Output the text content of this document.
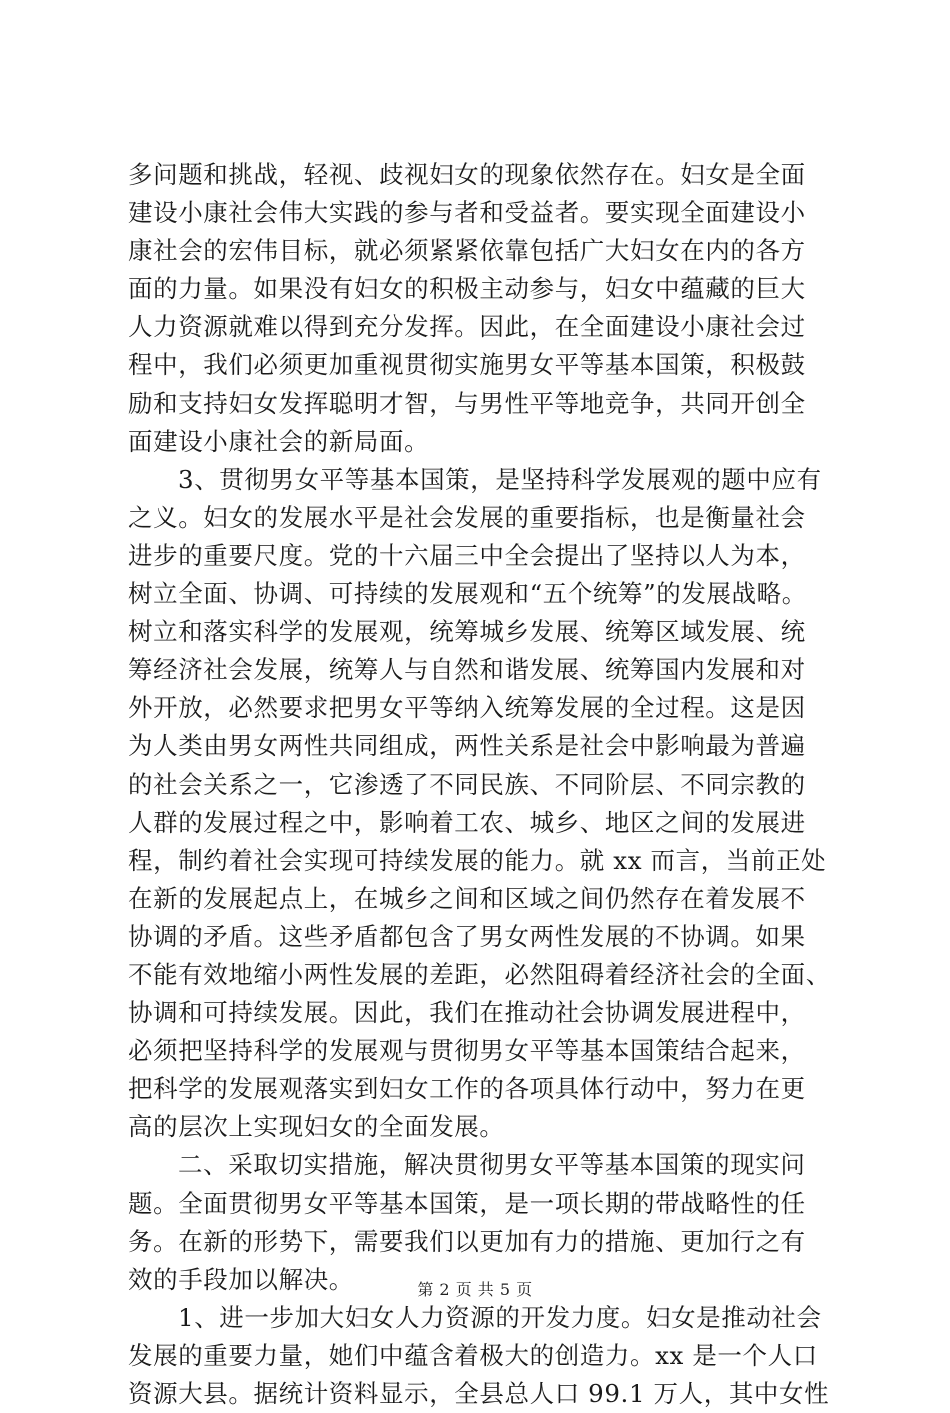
多问题和挑战，轻视、歧视妇女的现象依然存在。妇女是全面
建设小康社会伟大实践的参与者和受益者。要实现全面建设小
康社会的宏伟目标，就必须紧紧依靠包括广大妇女在内的各方
面的力量。如果没有妇女的积极主动参与，妇女中蕴藏的巨大
人力资源就难以得到充分发挥。因此，在全面建设小康社会过
程中，我们必须更加重视贯彻实施男女平等基本国策，积极鼓
励和支持妇女发挥聪明才智，与男性平等地竞争，共同开创全
面建设小康社会的新局面。
3、贯彻男女平等基本国策，是坚持科学发展观的题中应有
之义。妇女的发展水平是社会发展的重要指标，也是衡量社会
进步的重要尺度。党的十六届三中全会提出了坚持以人为本，
树立全面、协调、可持续的发展观和“五个统筹”的发展战略。
树立和落实科学的发展观，统筹城乡发展、统筹区域发展、统
筹经济社会发展，统筹人与自然和谐发展、统筹国内发展和对
外开放，必然要求把男女平等纳入统筹发展的全过程。这是因
为人类由男女两性共同组成，两性关系是社会中影响最为普遍
的社会关系之一，它渗透了不同民族、不同阶层、不同宗教的
人群的发展过程之中，影响着工农、城乡、地区之间的发展进
程，制约着社会实现可持续发展的能力。就 xx 而言，当前正处
在新的发展起点上，在城乡之间和区域之间仍然存在着发展不
协调的矛盾。这些矛盾都包含了男女两性发展的不协调。如果
不能有效地缩小两性发展的差距，必然阻碍着经济社会的全面、
协调和可持续发展。因此，我们在推动社会协调发展进程中，
必须把坚持科学的发展观与贯彻男女平等基本国策结合起来，
把科学的发展观落实到妇女工作的各项具体行动中，努力在更
高的层次上实现妇女的全面发展。
二、采取切实措施，解决贯彻男女平等基本国策的现实问
题。全面贯彻男女平等基本国策，是一项长期的带战略性的任
务。在新的形势下，需要我们以更加有力的措施、更加行之有
效的手段加以解决。
1、进一步加大妇女人力资源的开发力度。妇女是推动社会
发展的重要力量，她们中蕴含着极大的创造力。xx 是一个人口
资源大县。据统计资料显示，全县总人口 99.1 万人，其中女性
第 2 页 共 5 页
